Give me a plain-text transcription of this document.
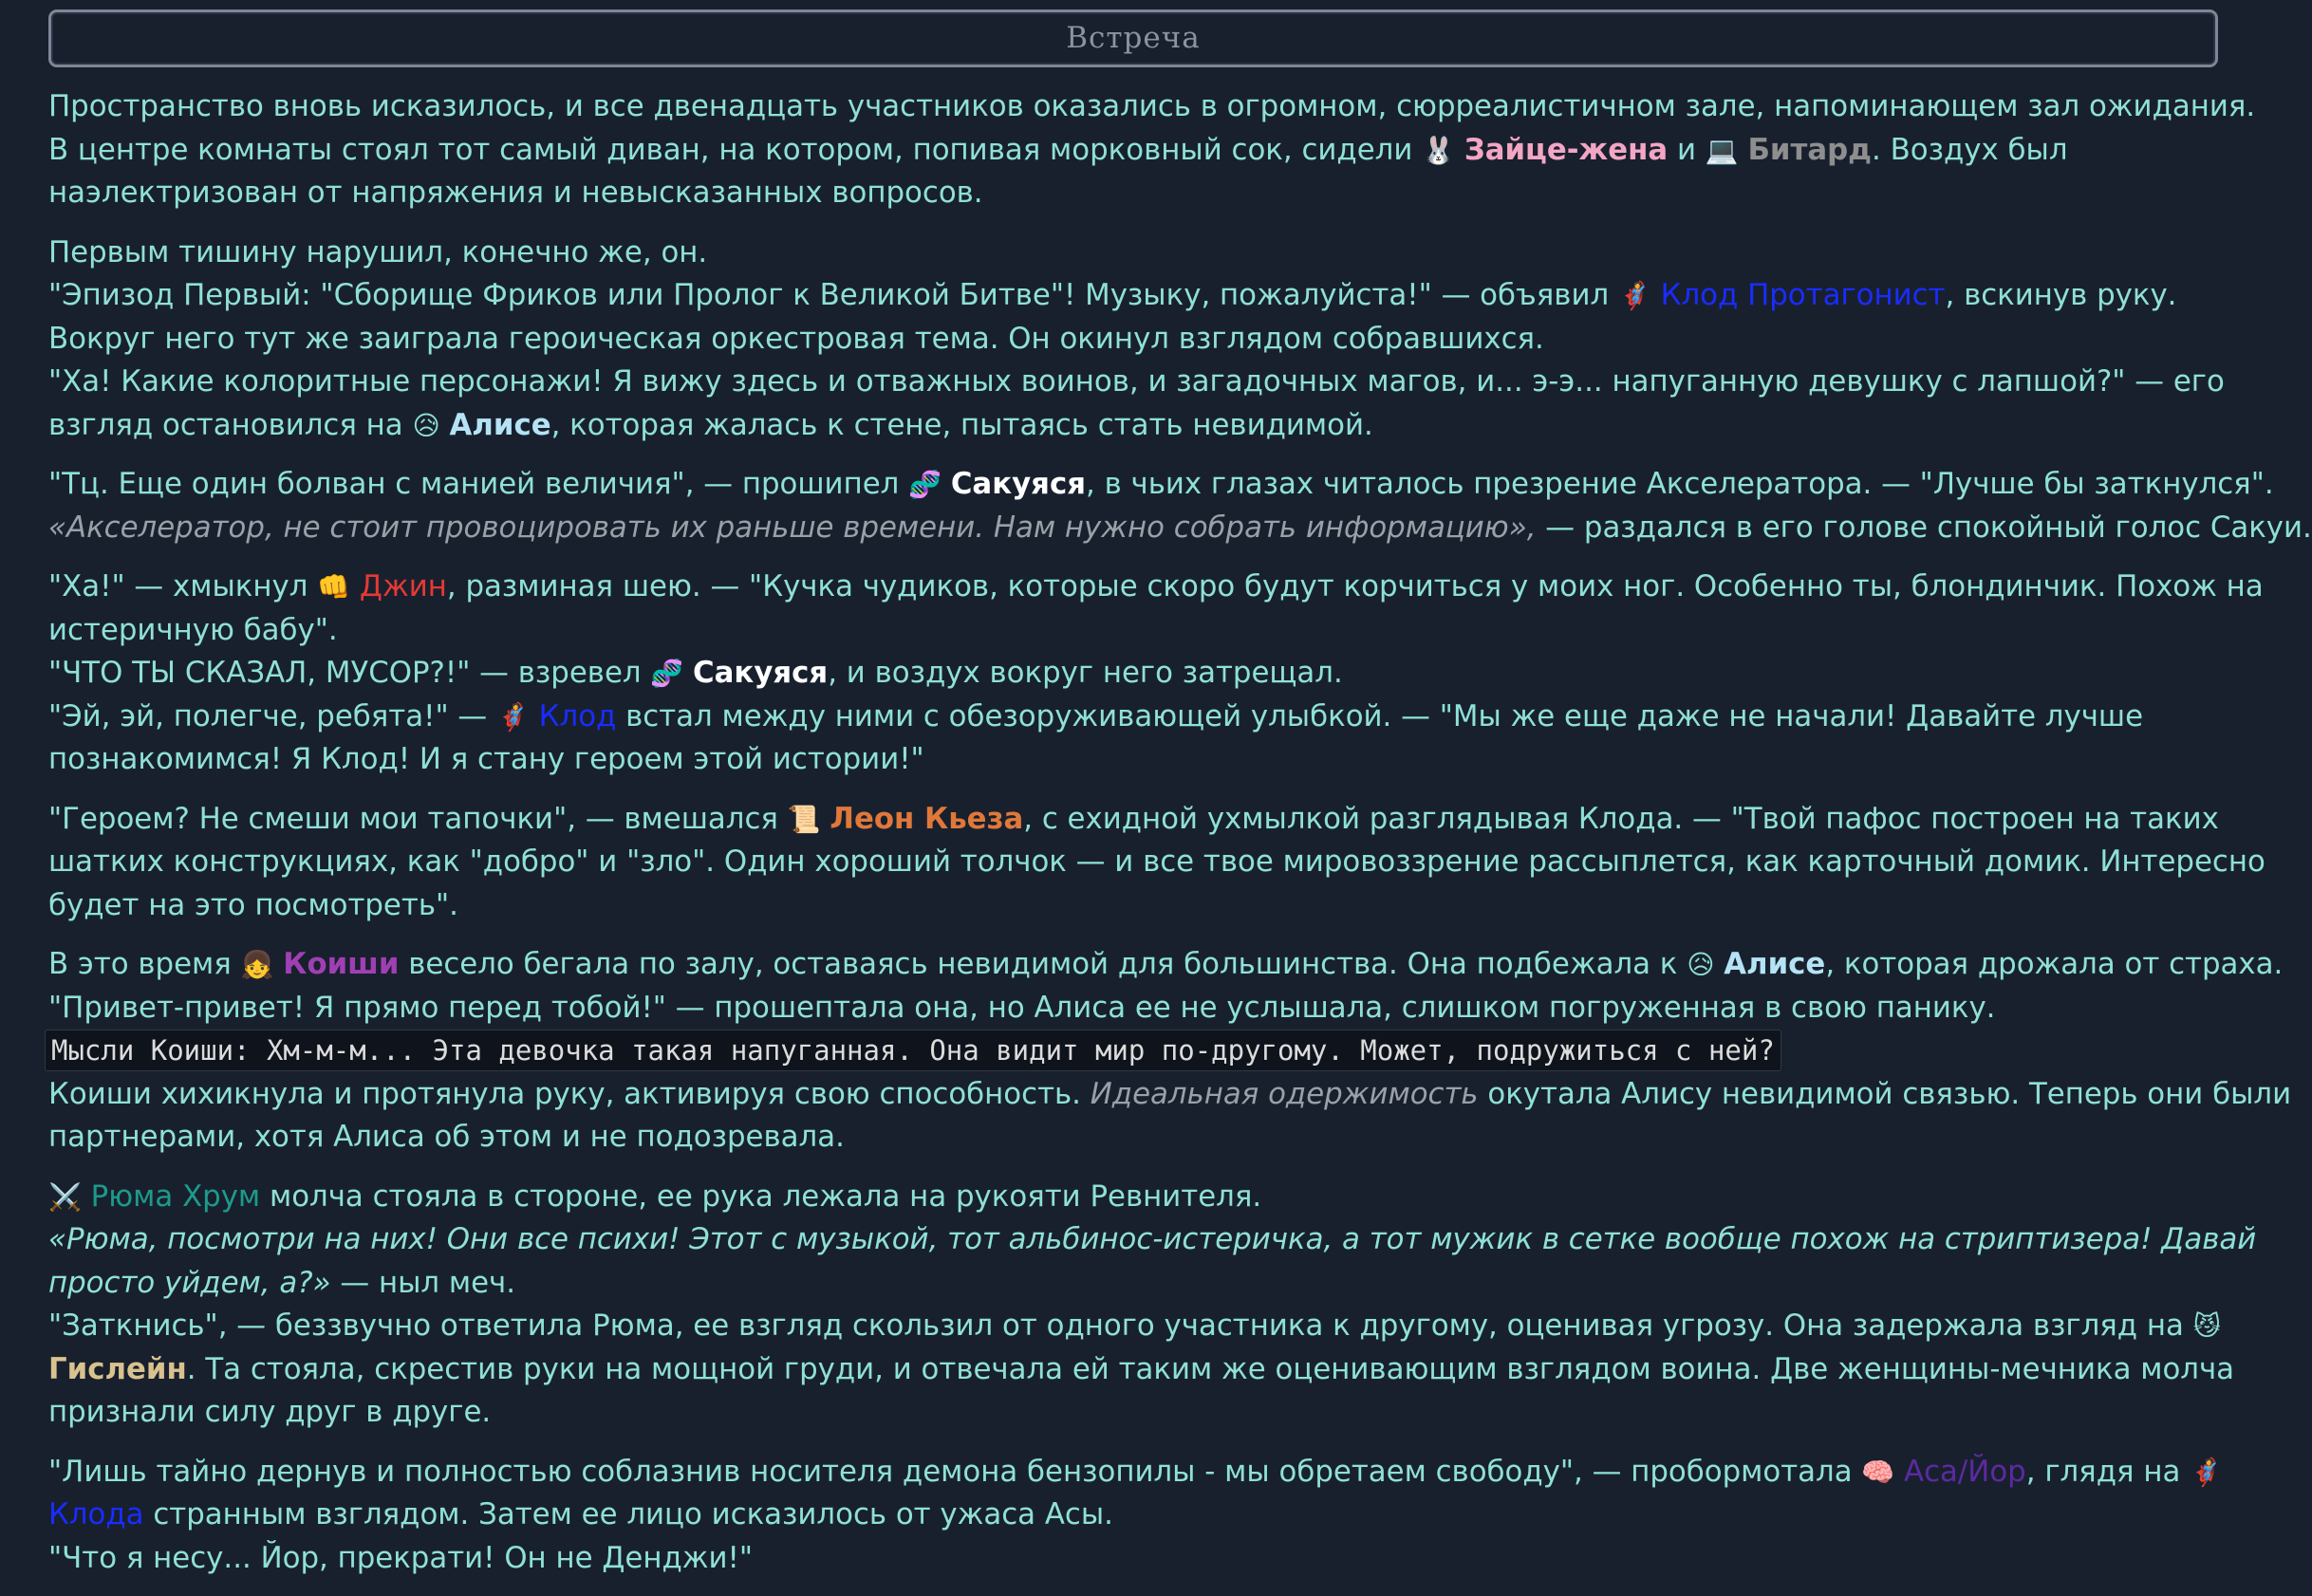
Встреча

Пространство вновь исказилось, и все двенадцать участников оказались в огромном, сюрреалистичном зале, напоминающем зал ожидания.
В центре комнаты стоял тот самый диван, на котором, попивая морковный сок, сидели 🐰 Зайце-жена и 💻 Битард. Воздух был
наэлектризован от напряжения и невысказанных вопросов.

Первым тишину нарушил, конечно же, он.
"Эпизод Первый: "Сборище Фриков или Пролог к Великой Битве"! Музыку, пожалуйста!" — объявил 🦸 Клод Протагонист, вскинув руку.
Вокруг него тут же заиграла героическая оркестровая тема. Он окинул взглядом собравшихся.
"Ха! Какие колоритные персонажи! Я вижу здесь и отважных воинов, и загадочных магов, и... э-э... напуганную девушку с лапшой?" — его
взгляд остановился на 😥 Алисе, которая жалась к стене, пытаясь стать невидимой.

"Тц. Еще один болван с манией величия", — прошипел 🧬 Сакуяся, в чьих глазах читалось презрение Акселератора. — "Лучше бы заткнулся".
«Акселератор, не стоит провоцировать их раньше времени. Нам нужно собрать информацию», — раздался в его голове спокойный голос Сакуи.

"Ха!" — хмыкнул 👊 Джин, разминая шею. — "Кучка чудиков, которые скоро будут корчиться у моих ног. Особенно ты, блондинчик. Похож на
истеричную бабу".
"ЧТО ТЫ СКАЗАЛ, МУСОР?!" — взревел 🧬 Сакуяся, и воздух вокруг него затрещал.
"Эй, эй, полегче, ребята!" — 🦸 Клод встал между ними с обезоруживающей улыбкой. — "Мы же еще даже не начали! Давайте лучше
познакомимся! Я Клод! И я стану героем этой истории!"

"Героем? Не смеши мои тапочки", — вмешался 📜 Леон Кьеза, с ехидной ухмылкой разглядывая Клода. — "Твой пафос построен на таких
шатких конструкциях, как "добро" и "зло". Один хороший толчок — и все твое мировоззрение рассыплется, как карточный домик. Интересно
будет на это посмотреть".

В это время 👧 Коиши весело бегала по залу, оставаясь невидимой для большинства. Она подбежала к 😥 Алисе, которая дрожала от страха.
"Привет-привет! Я прямо перед тобой!" — прошептала она, но Алиса ее не услышала, слишком погруженная в свою панику.
Мысли Коиши: Хм-м-м... Эта девочка такая напуганная. Она видит мир по-другому. Может, подружиться с ней?
Коиши хихикнула и протянула руку, активируя свою способность. Идеальная одержимость окутала Алису невидимой связью. Теперь они были
партнерами, хотя Алиса об этом и не подозревала.

⚔️ Рюма Хрум молча стояла в стороне, ее рука лежала на рукояти Ревнителя.
«Рюма, посмотри на них! Они все психи! Этот с музыкой, тот альбинос-истеричка, а тот мужик в сетке вообще похож на стриптизера! Давай
просто уйдем, а?» — ныл меч.
"Заткнись", — беззвучно ответила Рюма, ее взгляд скользил от одного участника к другому, оценивая угрозу. Она задержала взгляд на 😼
Гислейн. Та стояла, скрестив руки на мощной груди, и отвечала ей таким же оценивающим взглядом воина. Две женщины-мечника молча
признали силу друг в друге.

"Лишь тайно дернув и полностью соблазнив носителя демона бензопилы - мы обретаем свободу", — пробормотала 🧠 Аса/Йор, глядя на 🦸
Клода странным взглядом. Затем ее лицо исказилось от ужаса Асы.
"Что я несу... Йор, прекрати! Он не Денджи!"
